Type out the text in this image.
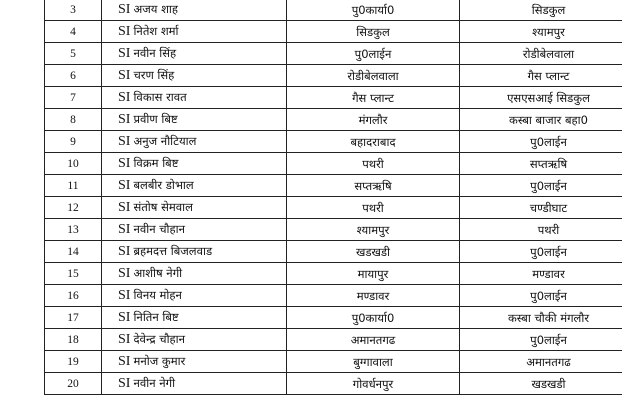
3	SI अजय शाह	पु0कार्या0	सिडकुल
4	SI नितेश शर्मा	सिडकुल	श्यामपुर
5	SI नवीन सिंह	पु0लाईन	रोडीबेलवाला
6	SI चरण सिंह	रोडीबेलवाला	गैस प्लान्ट
7	SI विकास रावत	गैस प्लान्ट	एसएसआई सिडकुल
8	SI प्रवीण बिष्ट	मंगलौर	कस्बा बाजार बहा0
9	SI अनुज नौटियाल	बहादराबाद	पु0लाईन
10	SI विक्रम बिष्ट	पथरी	सप्तऋषि
11	SI बलबीर डोभाल	सप्तऋषि	पु0लाईन
12	SI संतोष सेमवाल	पथरी	चण्डीघाट
13	SI नवीन चौहान	श्यामपुर	पथरी
14	SI ब्रहमदत्त बिजलवाड	खडखडी	पु0लाईन
15	SI आशीष नेगी	मायापुर	मण्डावर
16	SI विनय मोहन	मण्डावर	पु0लाईन
17	SI नितिन बिष्ट	पु0कार्या0	कस्बा चौकी मंगलौर
18	SI देवेन्द्र चौहान	अमानतगढ	पु0लाईन
19	SI मनोज कुमार	बुग्गावाला	अमानतगढ
20	SI नवीन नेगी	गोवर्धनपुर	खडखडी
